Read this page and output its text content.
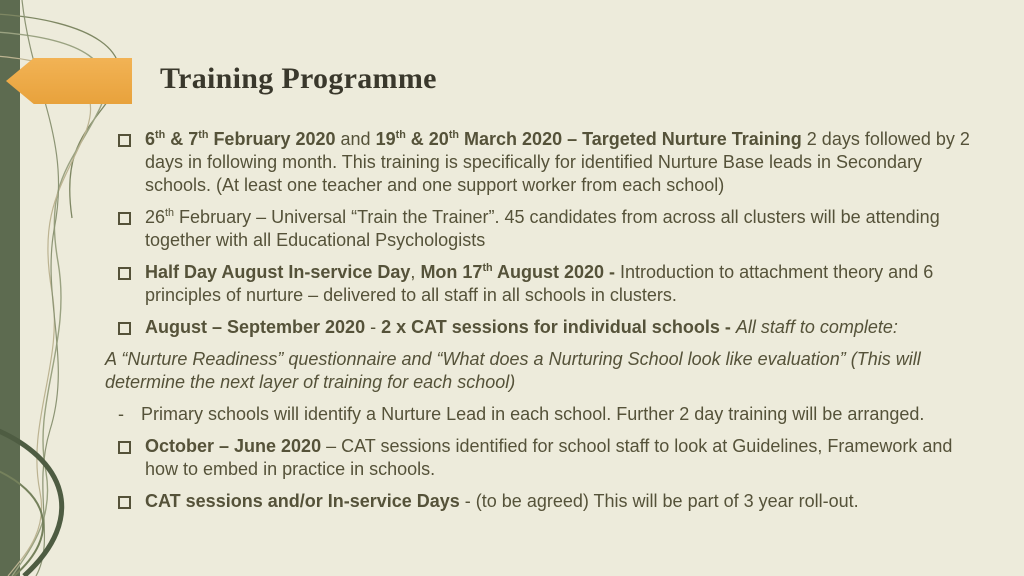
Training Programme
6th & 7th February 2020 and 19th & 20th March 2020 – Targeted Nurture Training 2 days followed by 2 days in following month. This training is specifically for identified Nurture Base leads in Secondary schools. (At least one teacher and one support worker from each school)
26th February – Universal “Train the Trainer”. 45 candidates from across all clusters will be attending together with all Educational Psychologists
Half Day August In-service Day, Mon 17th August 2020 - Introduction to attachment theory and 6 principles of nurture – delivered to all staff in all schools in clusters.
August – September 2020 - 2 x CAT sessions for individual schools - All staff to complete:
A “Nurture Readiness” questionnaire and “What does a Nurturing School look like evaluation” (This will determine the next layer of training for each school)
- Primary schools will identify a Nurture Lead in each school. Further 2 day training will be arranged.
October – June 2020 – CAT sessions identified for school staff to look at Guidelines, Framework and how to embed in practice in schools.
CAT sessions and/or In-service Days - (to be agreed) This will be part of 3 year roll-out.
